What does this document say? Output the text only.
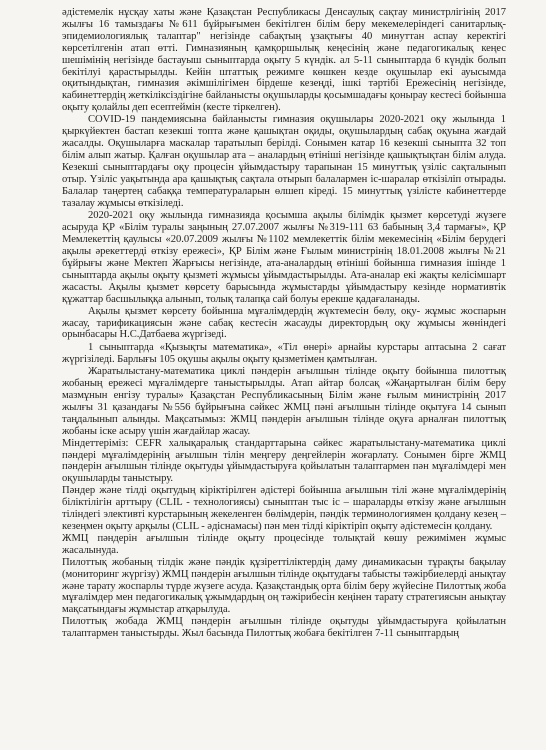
әдістемелік нұсқау хаты және Қазақстан Республикасы Денсаулық сақтау министрлігінің 2017 жылғы 16 тамыздағы №611 бұйрығымен бекітілген білім беру мекемелеріндегі санитарлық-эпидемиологиялық талаптар" негізінде сабақтың ұзақтығы 40 минуттан аспау керектігі көрсетілгенін атап өтті. Гимназияның қамқоршылық кеңесінің және педагогикалық кеңес шешімінің негізінде бастауыш сыныптарда оқыту 5 күндік. ал 5-11 сыныптарда 6 күндік болып бекітілуі қарастырылды. Кейін штаттық режимге көшкен кезде оқушылар екі ауысымда оқитындықтан, гимназия әкімшілігімен бірдеше кезеңді, ішкі тәртібі Ережесінің негізінде, кабинеттердің жеткіліксіздігіне байланысты оқушыларды қосымшадағы қонырау кестесі бойынша оқыту қолайлы деп есептеймін (кесте тіркелген).

COVID-19 пандемиясына байланысты гимназия оқушылары 2020-2021 оқу жылында 1 қыркүйектен бастап кезекші топта және қашықтан оқиды, оқушылардың сабақ оқуына жағдай жасалды. Оқушыларға маскалар таратылып берілді. Сонымен катар 16 кезекші сыныпта 32 топ білім алып жатыр. Қалған оқушылар ата – аналардың өтініші негізінде қашықтықтан білім алуда. Кезекші сыныптардағы оқу процесін ұйымдастыру тарапынан 15 минуттық үзіліс сақталынып отыр. Үзіліс уақытында ара қашықтық сақтала отырып балалармен іс-шаралар өткізіліп отырады. Балалар таңертең сабаққа температураларын өлшеп кіреді. 15 минуттық үзілісте кабинеттерде тазалау жұмысы өткізіледі.

2020-2021 оқу жылында гимназияда қосымша ақылы білімдік қызмет көрсетуді жүзеге асыруда ҚР «Білім туралы заңының 27.07.2007 жылғы №319-111 63 бабының 3,4 тармағы», ҚР Мемлекеттің қаулысы «20.07.2009 жылғы №1102 мемлекеттік білім мекемесінің «Білім берудегі ақылы әрекеттерді өткізу ережесі», ҚР Білім және Ғылым министрінің 18.01.2008 жылғы №21 бұйрығы және Мектеп Жарғысы негізінде, ата-аналардың өтініші бойынша гимназия ішінде 1 сыныптарда ақылы оқыту қызметі жұмысы ұйымдастырылды. Ата-аналар екі жақты келісімшарт жасасты. Ақылы қызмет көрсету барысында жұмыстарды ұйымдастыру кезінде нормативтік құжаттар басшылыққа алынып, толық талапқа сай болуы ерекше қадағаланады.

Ақылы қызмет көрсету бойынша мұғалімдердің жүктемесін бөлу, оқу- жұмыс жоспарын жасау, тарификациясын және сабақ кестесін жасауды директордың оқу жұмысы жөніндегі орынбасары Н.С.Датбаева жүргізеді.

1 сыныптарда «Қызықты математика», «Тіл өнері» арнайы курстары аптасына 2 сағат жүргізіледі. Барлығы 105 оқушы ақылы оқыту қызметімен қамтылған.

Жаратылыстану-математика циклі пәндерін ағылшын тілінде оқыту бойынша пилоттық жобаның ережесі мұғалімдерге таныстырылды. Атап айтар болсақ «Жаңартылған білім беру мазмұнын енгізу туралы» Қазақстан Республикасының Білім және ғылым министрінің 2017 жылғы 31 қазандағы №556 бұйрығына сәйкес ЖМЦ пәні ағылшын тілінде оқытуға 14 сынып таңдалынып алынды. Мақсатымыз: ЖМЦ пәндерін ағылшын тілінде оқуға арналған пилоттық жобаны іске асыру үшін жағдайлар жасау.

Міндеттеріміз: CEFR халықаралық стандарттарына сәйкес жаратылыстану-математика циклі пәндері мұғалімдерінің ағылшын тілін меңгеру деңгейлерін жоғарлату. Сонымен бірге ЖМЦ пәндерін ағылшын тілінде оқытуды ұйымдастыруға қойылатын талаптармен пән мұғалімдері мен оқушыларды таныстыру.

Пәндер және тілді оқытудың кіріктірілген әдістері бойынша ағылшын тілі және мұғалімдерінің біліктілігін арттыру (CLIL - технологиясы) сыныптан тыс іс – шараларды өткізу және ағылшын тіліндегі элективті курстарының жекеленген бөлімдерін, пәндік терминологиямен қолдану кезең – кезеңмен оқыту арқылы (CLIL - әдіснамасы) пән мен тілді кіріктіріп оқыту әдістемесін қолдану.

ЖМЦ пәндерін ағылшын тілінде оқыту процесінде толықтай көшу режимімен жұмыс жасалынуда.

Пилоттық жобаның тілдік және пәндік құзіреттіліктердің даму динамикасын тұрақты бақылау (мониторинг жүргізу) ЖМЦ пәндерін ағылшын тілінде оқытудағы табысты тәжірбиелерді анықтау және тарату жоспарлы түрде жүзеге асуда. Қазақстандық орта білім беру жүйесіне Пилоттық жоба мұғалімдер мен педагогикалық ұжымдардың оң тәжірибесін кеңінен тарату стратегиясын анықтау мақсатындағы жұмыстар атқарылуда.

Пилоттық жобада ЖМЦ пәндерін ағылшын тілінде оқытуды ұйымдастыруға қойылатын талаптармен таныстырды. Жыл басында Пилоттық жобаға бекітілген 7-11 сыныптардың
